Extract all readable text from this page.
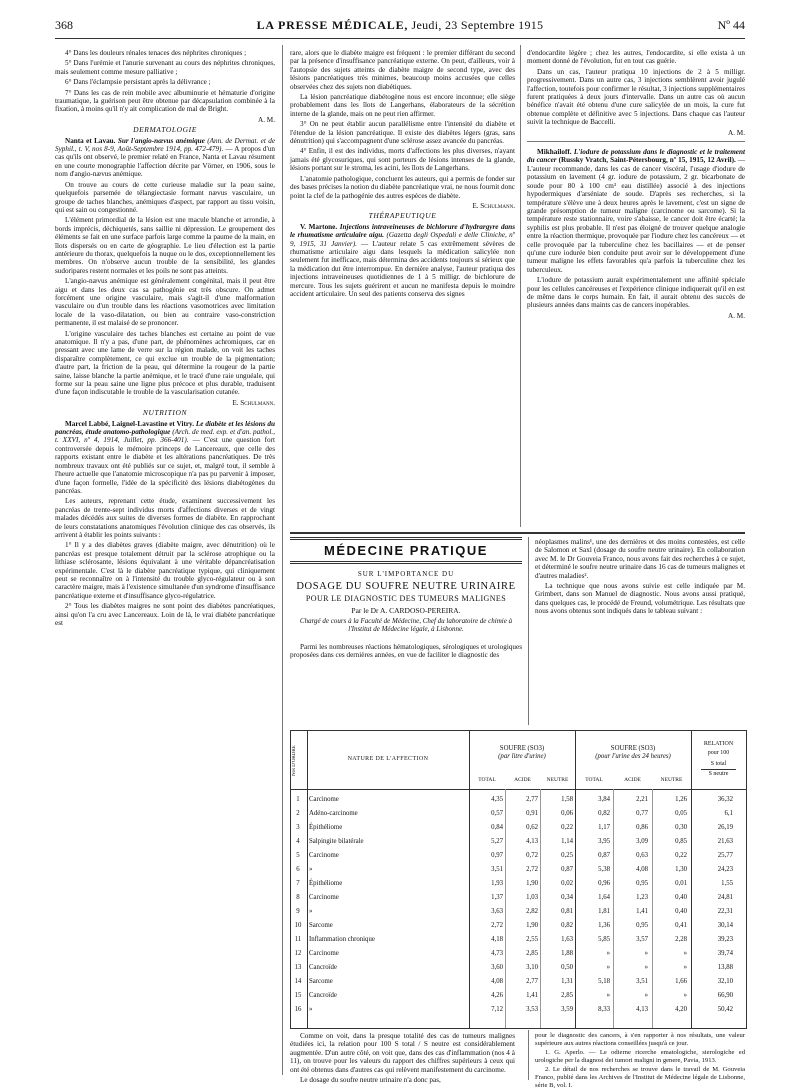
368	LA PRESSE MÉDICALE, Jeudi, 23 Septembre 1915	Nº 44

4° Dans les douleurs rénales tenaces des néphrites chroniques ;

5° Dans l'urémie et l'anurie survenant au cours des néphrites chroniques, mais seulement comme mesure palliative ;

6° Dans l'éclampsie persistant après la délivrance ;

7° Dans les cas de rein mobile avec albuminurie et hématurie d'origine traumatique, la guérison peut être obtenue par décapsulation combinée à la fixation, à moins qu'il n'y ait complication de mal de Bright.

A. M.

DERMATOLOGIE

Nanta et Lavau. Sur l'angio-nævus anémique (Ann. de Dermat. et de Syphil., t. V, nos 8-9, Août-Septembre 1914, pp. 472-479). — A propos d'un cas qu'ils ont observé, le premier relaté en France, Nanta et Lavau résument en une courte monographie l'affection décrite par Vörner, en 1906, sous le nom d'angio-nævus anémique.

On trouve au cours de cette curieuse maladie sur la peau saine, quelquefois parsemée de télangiectasie formant nævus vasculaire, un groupe de taches blanches, anémiques d'aspect, par rapport au tissu voisin, qui est sain ou congestionné.

L'élément primordial de la lésion est une macule blanche et arrondie, à bords imprécis, déchiquetés, sans saillie ni dépression. Le groupement des éléments se fait en une surface parfois large comme la paume de la main, en îlots dispersés ou en carte de géographie. Le lieu d'élection est la partie antérieure du thorax, quelquefois la nuque ou le dos, exceptionnellement les membres. On n'observe aucun trouble de la sensibilité, les glandes sudoripares restent normales et les poils ne sont pas atteints.

L'angio-nævus anémique est généralement congénital, mais il peut être aigu et dans les deux cas sa pathogénie est très obscure. On admet forcément une origine vasculaire, mais s'agit-il d'une malformation vasculaire ou d'un trouble dans les réactions vasomotrices avec limitation locale de la vaso-dilatation, ou bien au contraire vaso-constriction permanente, il est malaisé de se prononcer.

L'origine vasculaire des taches blanches est certaine au point de vue anatomique. Il n'y a pas, d'une part, de phénomènes achromiques, car en pressant avec une lame de verre sur la région malade, on voit les taches disparaître complètement, ce qui exclue un trouble de la pigmentation; d'autre part, la friction de la peau, qui détermine la rougeur de la partie saine, laisse blanche la partie anémique, et le tracé d'une raie unguéale, qui forme sur la peau saine une ligne plus précoce et plus durable, traduisent d'une façon indiscutable le trouble de la vascularisation cutanée.

E. Schulmann.

NUTRITION

Marcel Labbé, Laignel-Lavastine et Vitry. Le diabète et les lésions du pancréas, étude anatomo-pathologique (Arch. de med. exp. et d'an. pathol., t. XXVI, nº 4, 1914, Juillet, pp. 366-401). — C'est une question fort controversée depuis le mémoire princeps de Lancereaux, que celle des rapports existant entre le diabète et les altérations pancréatiques. De très nombreux travaux ont été publiés sur ce sujet, et, malgré tout, il semble à l'heure actuelle que l'anatomie microscopique n'a pas pu parvenir à imposer, d'une façon formelle, l'idée de la spécificité des lésions diabétogènes du pancréas.

Les auteurs, reprenant cette étude, examinent successivement les pancréas de trente-sept individus morts d'affections diverses et de vingt malades décédés aux suites de diverses formes de diabète. En rapprochant de leurs constatations anatomiques l'évolution clinique des cas observés, ils arrivent à établir les points suivants :

1° Il y a des diabètes graves (diabète maigre, avec dénutrition) où le pancréas est presque totalement détruit par la sclérose atrophique ou la lithiase sclérosante, lésions équivalant à une véritable dépancréatisation expérimentale. C'est là le diabète pancréatique typique, qui cliniquement peut se reconnaître on à l'intensité du trouble glyco-régulateur ou à son caractère maigre, mais à l'existence simultanée d'un syndrome d'insuffisance pancréatique externe et d'insuffisance glyco-régulatrice.

2° Tous les diabètes maigres ne sont point des diabètes pancréatiques, ainsi qu'on l'a cru avec Lancereaux. Loin de là, le vrai diabète pancréatique est

rare, alors que le diabète maigre est fréquent : le premier différant du second par la présence d'insuffisance pancréatique externe. On peut, d'ailleurs, voir à l'autopsie des sujets atteints de diabète maigre de second type, avec des lésions pancréatiques très minimes, beaucoup moins accusées que celles observées chez des sujets non diabétiques.

La lésion pancréatique diabétogène nous est encore inconnue; elle siège probablement dans les îlots de Langerhans, élaborateurs de la sécrétion interne de la glande, mais on ne peut rien affirmer.

3° On ne peut établir aucun parallélisme entre l'intensité du diabète et l'étendue de la lésion pancréatique. Il existe des diabètes légers (gras, sans dénutrition) qui s'accompagnent d'une sclérose assez avancée du pancréas.

4° Enfin, il est des individus, morts d'affections les plus diverses, n'ayant jamais été glycosuriques, qui sont porteurs de lésions intenses de la glande, lésions portant sur le stroma, les acini, les îlots de Langerhans.

L'anatomie pathologique, concluent les auteurs, qui a permis de fonder sur des bases précises la notion du diabète pancréatique vrai, ne nous fournit donc point la clef de la pathogénie des autres espèces de diabète.

E. Schulmann.

THÉRAPEUTIQUE

V. Martone. Injections intraveineuses de bichlorure d'hydrargyre dans le rhumatisme articulaire aigu. (Gazetta degli Ospedali e delle Cliniche, nº 9, 1915, 31 Janvier). — L'auteur relate 5 cas extrêmement sévères de rhumatisme articulaire aigu dans lesquels la médication salicylée non seulement fut inefficace, mais détermina des accidents toujours si sérieux que la médication dut être interrompue. En dernière analyse, l'auteur pratiqua des injections intraveineuses quotidiennes de 1 à 5 milligr. de bichlorure de mercure. Tous les sujets guérirent et aucun ne manifesta depuis le moindre accident articulaire. Un seul des patients conserva des signes

d'endocardite légère ; chez les autres, l'endocardite, si elle exista à un moment donné de l'évolution, fut en tout cas guérie.

Dans un cas, l'auteur pratiqua 10 injections de 2 à 5 milligr. progressivement. Dans un autre cas, 3 injections semblèrent avoir jugulé l'affection, toutefois pour confirmer le résultat, 3 injections supplémentaires furent pratiquées à deux jours d'intervalle. Dans un autre cas où aucun bénéfice n'avait été obtenu d'une cure salicylée de un mois, la cure fut obtenue complète et définitive avec 5 injections. Dans chaque cas l'auteur suivit la technique de Baccelli.

A. M.

Mikhailoff. L'iodure de potassium dans le diagnostic et le traitement du cancer (Russky Vratch, Saint-Pétersbourg, nº 15, 1915, 12 Avril). — L'auteur recommande, dans les cas de cancer viscéral, l'usage d'iodure de potassium en lavement (4 gr. iodure de potassium, 2 gr. bicarbonate de soude pour 80 à 100 cm³ eau distillée) associé à des injections hypodermiques d'arséniate de soude. D'après ses recherches, si la température s'élève une à deux heures après le lavement, c'est un signe de grande présomption de tumeur maligne (carcinome ou sarcome). Si la température reste stationnaire, voire s'abaisse, le cancer doit être écarté; la syphilis est plus probable. Il n'est pas éloigné de trouver quelque analogie entre la réaction thermique, provoquée par l'iodure chez les cancéreux — et celle provoquée par la tuberculine chez les bacillaires — et de penser qu'une cure iodurée bien conduite peut avoir sur le développement d'une tumeur maligne les effets favorables qu'a parfois la tuberculine chez les tuberculeux.

L'iodure de potassium aurait expérimentalement une affinité spéciale pour les cellules cancéreuses et l'expérience clinique indiquerait qu'il en est de même dans le corps humain. En fait, il aurait obtenu des succès de plusieurs années dans maints cas de cancers inopérables.

A. M.

MÉDECINE PRATIQUE
SUR L'IMPORTANCE DU
DOSAGE DU SOUFRE NEUTRE URINAIRE
POUR LE DIAGNOSTIC DES TUMEURS MALIGNES
Par le Dr A. CARDOSO-PEREIRA.
Chargé de cours à la Faculté de Médecine, Chef du laboratoire de chimie à l'Institut de Médecine légale, à Lisbonne.
Parmi les nombreuses réactions hématologiques, sérologiques et urologiques proposées dans ces dernières années, en vue de faciliter le diagnostic des

néoplasmes malins¹, une des dernières et des moins contestées, est celle de Salomon et Saxl (dosage du soufre neutre urinaire). En collaboration avec M. le Dr Gouveia Franco, nous avons fait des recherches à ce sujet, et déterminé le soufre neutre urinaire dans 16 cas de tumeurs malignes et d'autres maladies².

La technique que nous avons suivie est celle indiquée par M. Grimbert, dans son Manuel de diagnostic. Nous avons aussi pratiqué, dans quelques cas, le procédé de Freund, volumétrique. Les résultats que nous avons obtenus sont indiqués dans le tableau suivant :

Nos D'ORDRE	NATURE DE L'AFFECTION
SOUFRE (SO3)
(par litre d'urine)
SOUFRE (SO3)
(pour l'urine des 24 heures)
TOTAL	ACIDE	NEUTRE	TOTAL	ACIDE	NEUTRE
RELATION
pour 100
S total
S neutre
1	Carcinome	4,35	2,77	1,58	3,84	2,21	1,26	36,32
2	Adéno-carcinome	0,57	0,91	0,06	0,82	0,77	0,05	6,1
3	Épithéliome	0,84	0,62	0,22	1,17	0,86	0,30	26,19
4	Salpingite bilatérale	5,27	4,13	1,14	3,95	3,09	0,85	21,63
5	Carcinome	0,97	0,72	0,25	0,87	0,63	0,22	25,77
6	»	3,51	2,72	0,87	5,38	4,08	1,30	24,23
7	Épithéliome	1,93	1,90	0,02	0,96	0,95	0,01	1,55
8	Carcinome	1,37	1,03	0,34	1,64	1,23	0,40	24,81
9	»	3,63	2,82	0,81	1,81	1,41	0,40	22,31
10	Sarcome	2,72	1,90	0,82	1,36	0,95	0,41	30,14
11	Inflammation chronique	4,18	2,55	1,63	5,85	3,57	2,28	39,23
12	Carcinome	4,73	2,85	1,88	»	»	»	39,74
13	Cancroïde	3,60	3,10	0,50	»	»	»	13,88
14	Sarcome	4,08	2,77	1,31	5,18	3,51	1,66	32,10
15	Cancroïde	4,26	1,41	2,85	»	»	»	66,90
16	»	7,12	3,53	3,59	8,33	4,13	4,20	50,42

Comme on voit, dans la presque totalité des cas de tumeurs malignes étudiées ici, la relation pour 100 S total / S neutre est considérablement augmentée. D'un autre côté, on voit que, dans des cas d'inflammation (nos 4 à 11), on trouve pour les valeurs du rapport des chiffres supérieurs à ceux qui ont été obtenus dans d'autres cas qui relèvent manifestement du carcinome.

Le dosage du soufre neutre urinaire n'a donc pas,

pour le diagnostic des cancers, à s'en rapporter à nos résultats, une valeur supérieure aux autres réactions conseillées jusqu'à ce jour.

1. G. Aperlo. — Le odierne ricerche ematologiche, sierologiche ed urologiche per la diagnosi dei tumori maligni in genere, Pavia, 1913.

2. Le détail de nos recherches se trouve dans le travail de M. Gouveia Franco, publié dans les Archives de l'Institut de Médecine légale de Lisbonne, série B, vol. I.
